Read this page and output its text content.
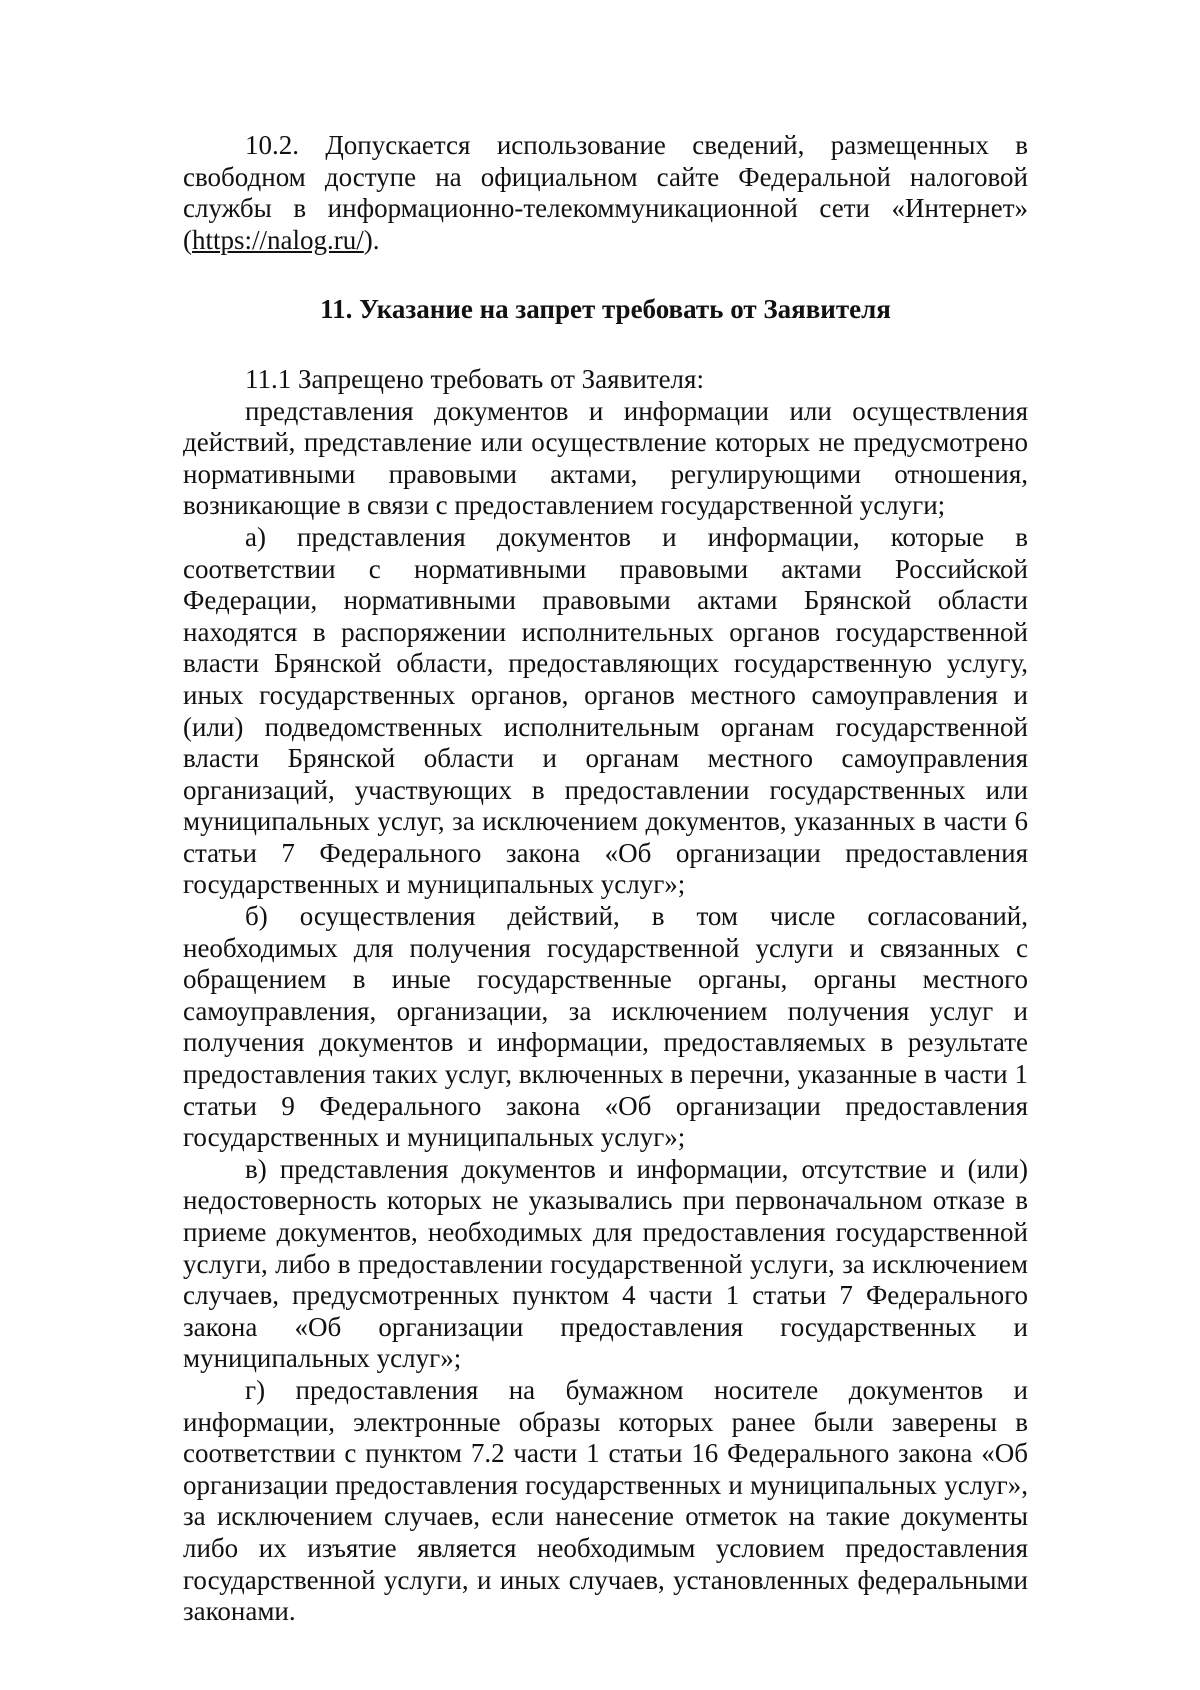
10.2. Допускается использование сведений, размещенных в свободном доступе на официальном сайте Федеральной налоговой службы в информационно-телекоммуникационной сети «Интернет» (https://nalog.ru/).

11. Указание на запрет требовать от Заявителя

11.1 Запрещено требовать от Заявителя:

представления документов и информации или осуществления действий, представление или осуществление которых не предусмотрено нормативными правовыми актами, регулирующими отношения, возникающие в связи с предоставлением государственной услуги;

а) представления документов и информации, которые в соответствии с нормативными правовыми актами Российской Федерации, нормативными правовыми актами Брянской области находятся в распоряжении исполнительных органов государственной власти Брянской области, предоставляющих государственную услугу, иных государственных органов, органов местного самоуправления и (или) подведомственных исполнительным органам государственной власти Брянской области и органам местного самоуправления организаций, участвующих в предоставлении государственных или муниципальных услуг, за исключением документов, указанных в части 6 статьи 7 Федерального закона «Об организации предоставления государственных и муниципальных услуг»;

б) осуществления действий, в том числе согласований, необходимых для получения государственной услуги и связанных с обращением в иные государственные органы, органы местного самоуправления, организации, за исключением получения услуг и получения документов и информации, предоставляемых в результате предоставления таких услуг, включенных в перечни, указанные в части 1 статьи 9 Федерального закона «Об организации предоставления государственных и муниципальных услуг»;

в) представления документов и информации, отсутствие и (или) недостоверность которых не указывались при первоначальном отказе в приеме документов, необходимых для предоставления государственной услуги, либо в предоставлении государственной услуги, за исключением случаев, предусмотренных пунктом 4 части 1 статьи 7 Федерального закона «Об организации предоставления государственных и муниципальных услуг»;

г) предоставления на бумажном носителе документов и информации, электронные образы которых ранее были заверены в соответствии с пунктом 7.2 части 1 статьи 16 Федерального закона «Об организации предоставления государственных и муниципальных услуг», за исключением случаев, если нанесение отметок на такие документы либо их изъятие является необходимым условием предоставления государственной услуги, и иных случаев, установленных федеральными законами.
